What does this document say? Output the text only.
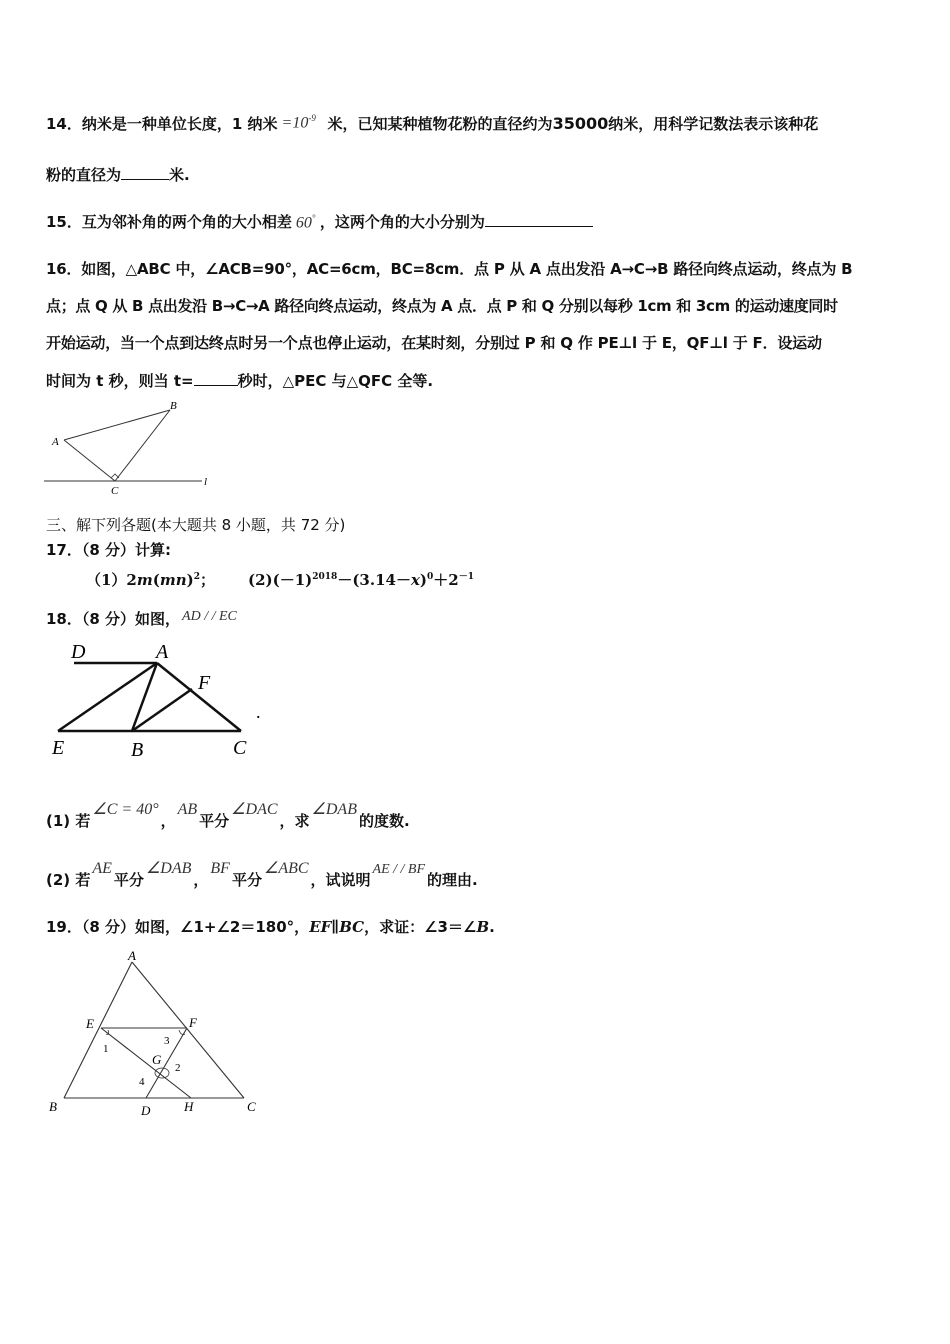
14．纳米是一种单位长度，1 纳米 $=10^{-9}$ 米，已知某种植物花粉的直径约为35000纳米，用科学记数法表示该种花
粉的直径为	米.
15．互为邻补角的两个角的大小相差 60° ，这两个角的大小分别为
16．如图，△ABC 中，∠ACB=90°，AC=6cm，BC=8cm．点 P 从 A 点出发沿 A→C→B 路径向终点运动，终点为 B
点；点 Q 从 B 点出发沿 B→C→A 路径向终点运动，终点为 A 点．点 P 和 Q 分别以每秒 1cm 和 3cm 的运动速度同时
开始运动，当一个点到达终点时另一个点也停止运动，在某时刻，分别过 P 和 Q 作 PE⊥l 于 E，QF⊥l 于 F．设运动
时间为 t 秒，则当 t=	秒时，△PEC 与△QFC 全等.
A
B
C
l
三、解下列各题(本大题共 8 小题，共 72 分)
17．（8 分）计算:
（1）2m(mn)$^2$； $(2)(-1)^{2018}-(3.14-x)^0+2^{-1}$
18．（8 分）如图， AD / / EC
D	A
F
E	B	C
.
(1) 若∠C = 40°，AB平分∠DAC，求∠DAB的度数.
(2) 若AE平分∠DAB，BF平分∠ABC，试说明AE / / BF的理由.
19．（8 分）如图，∠1+∠2＝180°，EF∥BC，求证：∠3＝∠B.
A
E	F
1
3
G
2
4
B	D	H	C
